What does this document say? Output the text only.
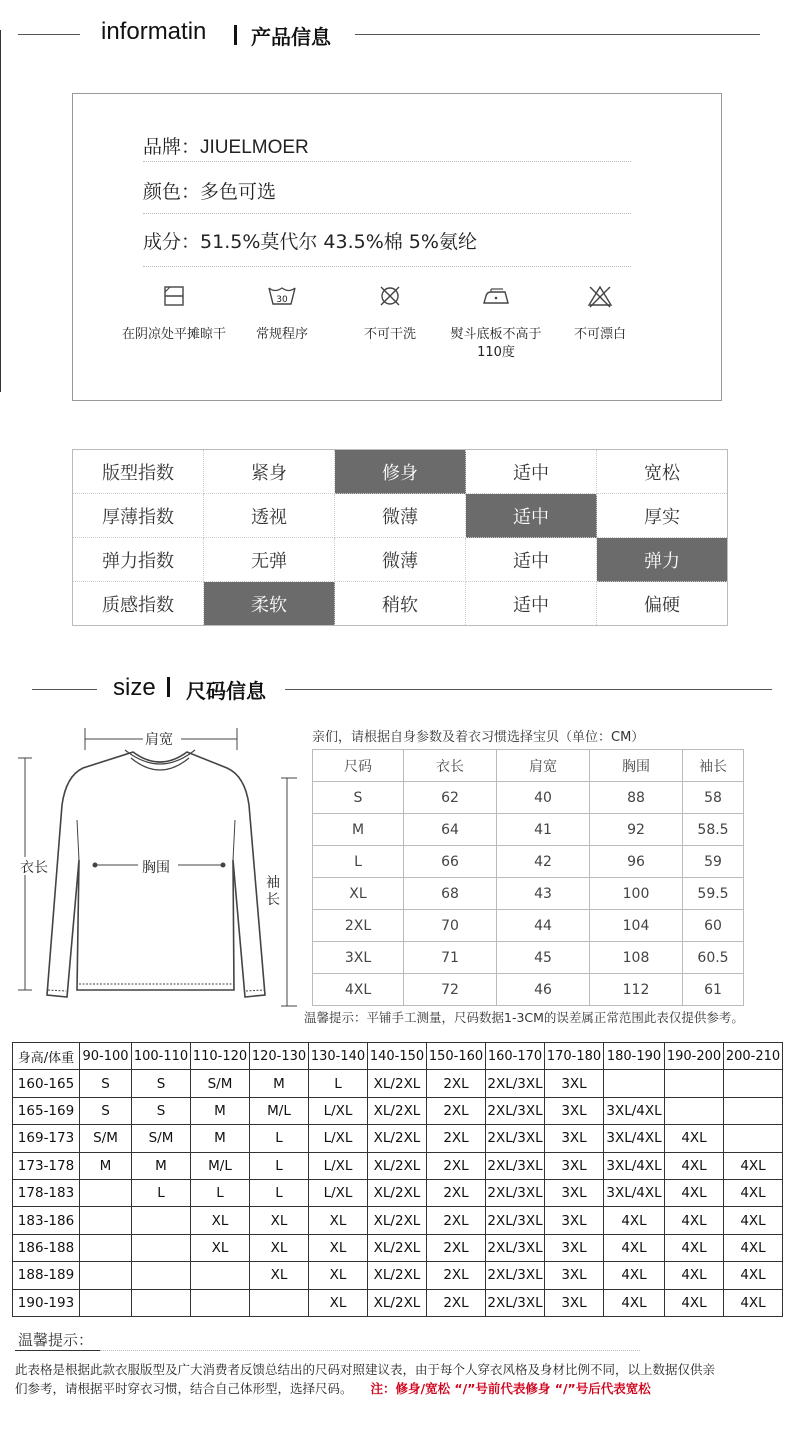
informatin 产品信息
品牌：JIUELMOER
颜色：多色可选
成分：51.5%莫代尔 43.5%棉 5%氨纶
在阴凉处平摊晾干
30
常规程序	不可干洗	熨斗底板不高于110度
不可漂白
版型指数	紧身	修身	适中	宽松
厚薄指数	透视	微薄	适中	厚实
弹力指数	无弹	微薄	适中	弹力
质感指数	柔软	稍软	适中	偏硬
size 尺码信息
肩宽
衣长	胸围
袖
长
亲们，请根据自身参数及着衣习惯选择宝贝（单位：CM）
尺码	衣长	肩宽	胸围	袖长
S	62	40	88	58
M	64	41	92	58.5
L	66	42	96	59
XL	68	43	100	59.5
2XL	70	44	104	60
3XL	71	45	108	60.5
4XL	72	46	112	61
温馨提示：平铺手工测量，尺码数据1-3CM的误差属正常范围此表仅提供参考。
身高/体重	90-100	100-110	110-120	120-130	130-140	140-150	150-160	160-170	170-180	180-190	190-200	200-210
160-165	S	S	S/M	M	L	XL/2XL	2XL	2XL/3XL	3XL			
165-169	S	S	M	M/L	L/XL	XL/2XL	2XL	2XL/3XL	3XL	3XL/4XL		
169-173	S/M	S/M	M	L	L/XL	XL/2XL	2XL	2XL/3XL	3XL	3XL/4XL	4XL	
173-178	M	M	M/L	L	L/XL	XL/2XL	2XL	2XL/3XL	3XL	3XL/4XL	4XL	4XL
178-183		L	L	L	L/XL	XL/2XL	2XL	2XL/3XL	3XL	3XL/4XL	4XL	4XL
183-186			XL	XL	XL	XL/2XL	2XL	2XL/3XL	3XL	4XL	4XL	4XL
186-188			XL	XL	XL	XL/2XL	2XL	2XL/3XL	3XL	4XL	4XL	4XL
188-189				XL	XL	XL/2XL	2XL	2XL/3XL	3XL	4XL	4XL	4XL
190-193					XL	XL/2XL	2XL	2XL/3XL	3XL	4XL	4XL	4XL
温馨提示：
此表格是根据此款衣服版型及广大消费者反馈总结出的尺码对照建议表，由于每个人穿衣风格及身材比例不同，以上数据仅供亲
们参考，请根据平时穿衣习惯，结合自己体形型，选择尺码。 注：修身/宽松 “/”号前代表修身 “/”号后代表宽松
